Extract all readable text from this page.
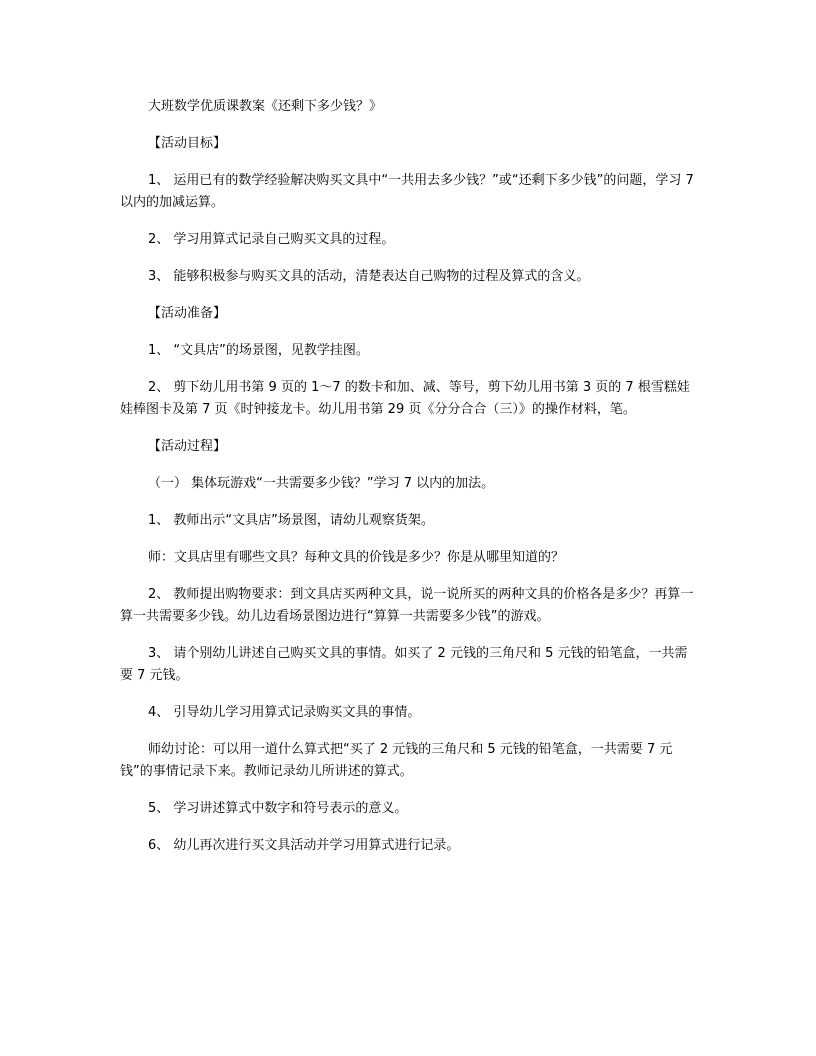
大班数学优质课教案《还剩下多少钱？》

【活动目标】

1、 运用已有的数学经验解决购买文具中“一共用去多少钱？”或“还剩下多少钱”的问题，学习 7 以内的加减运算。

2、 学习用算式记录自己购买文具的过程。

3、 能够积极参与购买文具的活动，清楚表达自己购物的过程及算式的含义。

【活动准备】

1、 “文具店”的场景图，见教学挂图。

2、 剪下幼儿用书第 9 页的 1～7 的数卡和加、减、等号，剪下幼儿用书第 3 页的 7 根雪糕娃娃棒图卡及第 7 页《时钟接龙卡。幼儿用书第 29 页《分分合合（三）》的操作材料，笔。

【活动过程】

（一） 集体玩游戏“一共需要多少钱？”学习 7 以内的加法。

1、 教师出示“文具店”场景图，请幼儿观察货架。

师：文具店里有哪些文具？每种文具的价钱是多少？你是从哪里知道的？

2、 教师提出购物要求：到文具店买两种文具，说一说所买的两种文具的价格各是多少？再算一算一共需要多少钱。幼儿边看场景图边进行“算算一共需要多少钱”的游戏。

3、 请个别幼儿讲述自己购买文具的事情。如买了 2 元钱的三角尺和 5 元钱的铅笔盒，一共需要 7 元钱。

4、 引导幼儿学习用算式记录购买文具的事情。

师幼讨论：可以用一道什么算式把“买了 2 元钱的三角尺和 5 元钱的铅笔盒，一共需要 7 元钱”的事情记录下来。教师记录幼儿所讲述的算式。

5、 学习讲述算式中数字和符号表示的意义。

6、 幼儿再次进行买文具活动并学习用算式进行记录。
